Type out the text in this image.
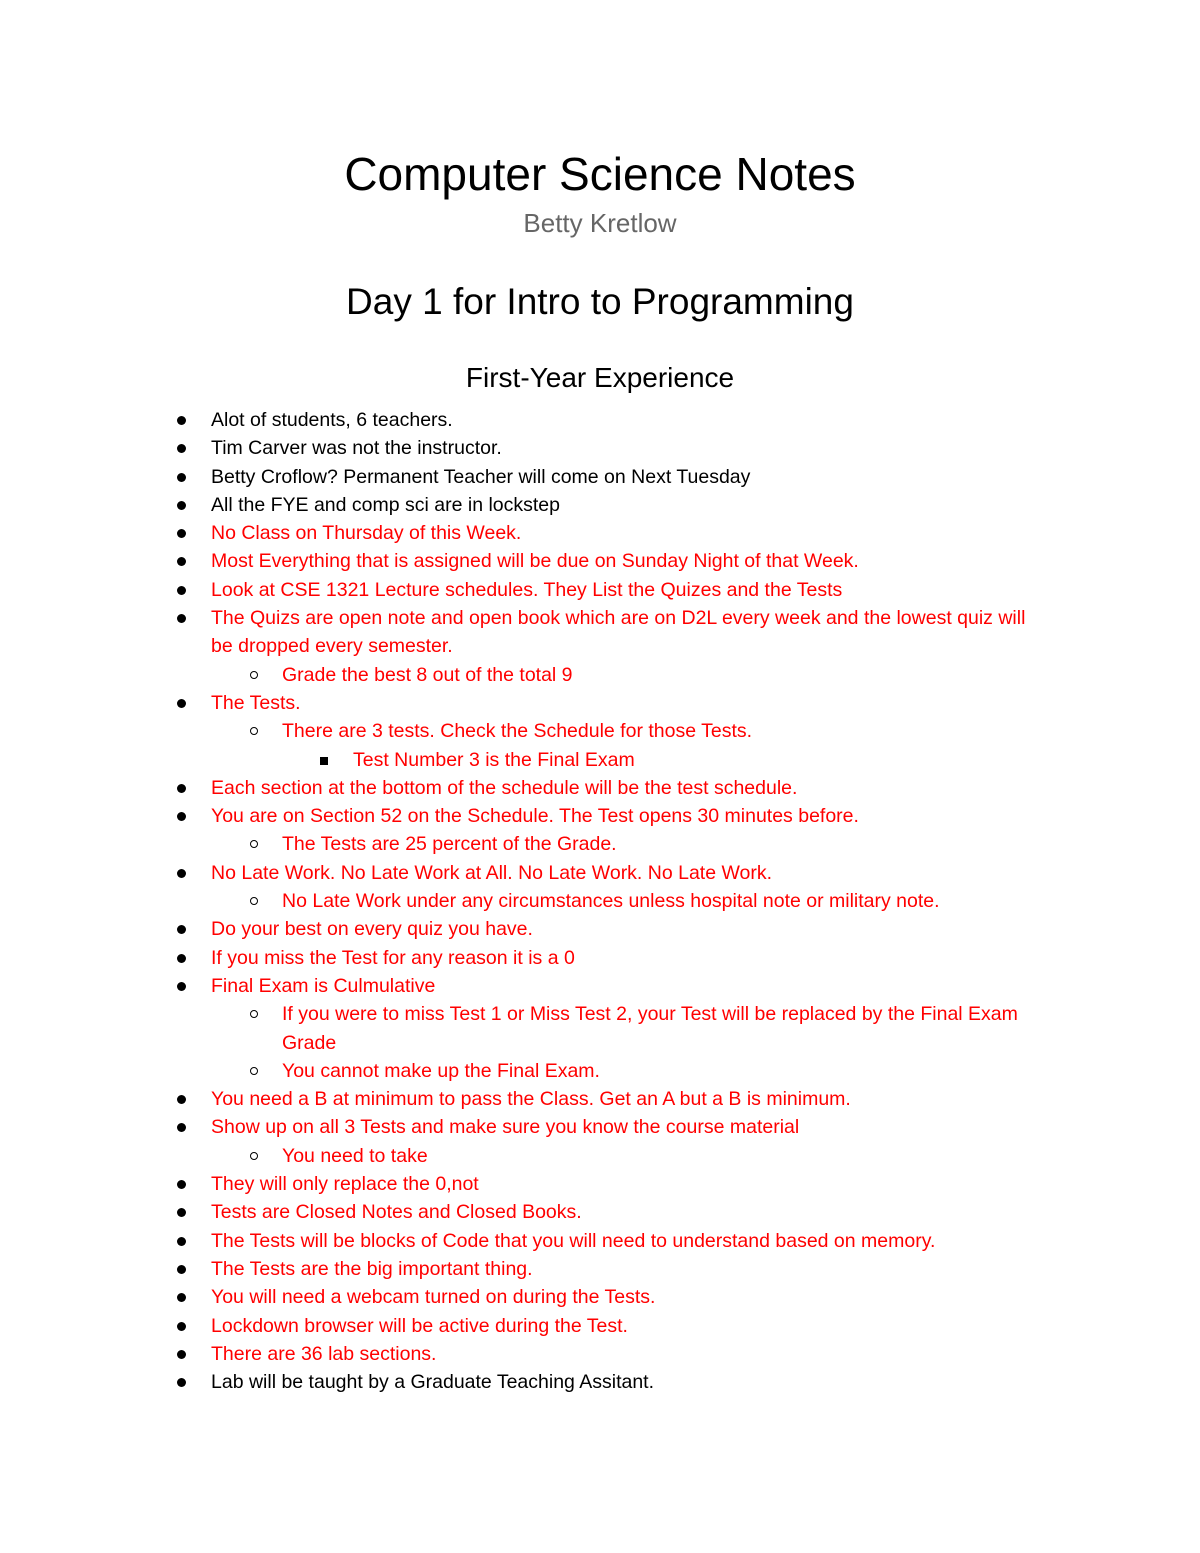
Computer Science Notes
Betty Kretlow
Day 1 for Intro to Programming
First-Year Experience
Alot of students, 6 teachers.
Tim Carver was not the instructor.
Betty Croflow? Permanent Teacher will come on Next Tuesday
All the FYE and comp sci are in lockstep
No Class on Thursday of this Week.
Most Everything that is assigned will be due on Sunday Night of that Week.
Look at CSE 1321 Lecture schedules. They List the Quizes and the Tests
The Quizs are open note and open book which are on D2L every week and the lowest quiz will be dropped every semester.
Grade the best 8 out of the total 9
The Tests.
There are 3 tests. Check the Schedule for those Tests.
Test Number 3 is the Final Exam
Each section at the bottom of the schedule will be the test schedule.
You are on Section 52 on the Schedule. The Test opens 30 minutes before.
The Tests are 25 percent of the Grade.
No Late Work. No Late Work at All. No Late Work. No Late Work.
No Late Work under any circumstances unless hospital note or military note.
Do your best on every quiz you have.
If you miss the Test for any reason it is a 0
Final Exam is Culmulative
If you were to miss Test 1 or Miss Test 2, your Test will be replaced by the Final Exam Grade
You cannot make up the Final Exam.
You need a B at minimum to pass the Class. Get an A but a B is minimum.
Show up on all 3 Tests and make sure you know the course material
You need to take
They will only replace the 0,not
Tests are Closed Notes and Closed Books.
The Tests will be blocks of Code that you will need to understand based on memory.
The Tests are the big important thing.
You will need a webcam turned on during the Tests.
Lockdown browser will be active during the Test.
There are 36 lab sections.
Lab will be taught by a Graduate Teaching Assitant.
